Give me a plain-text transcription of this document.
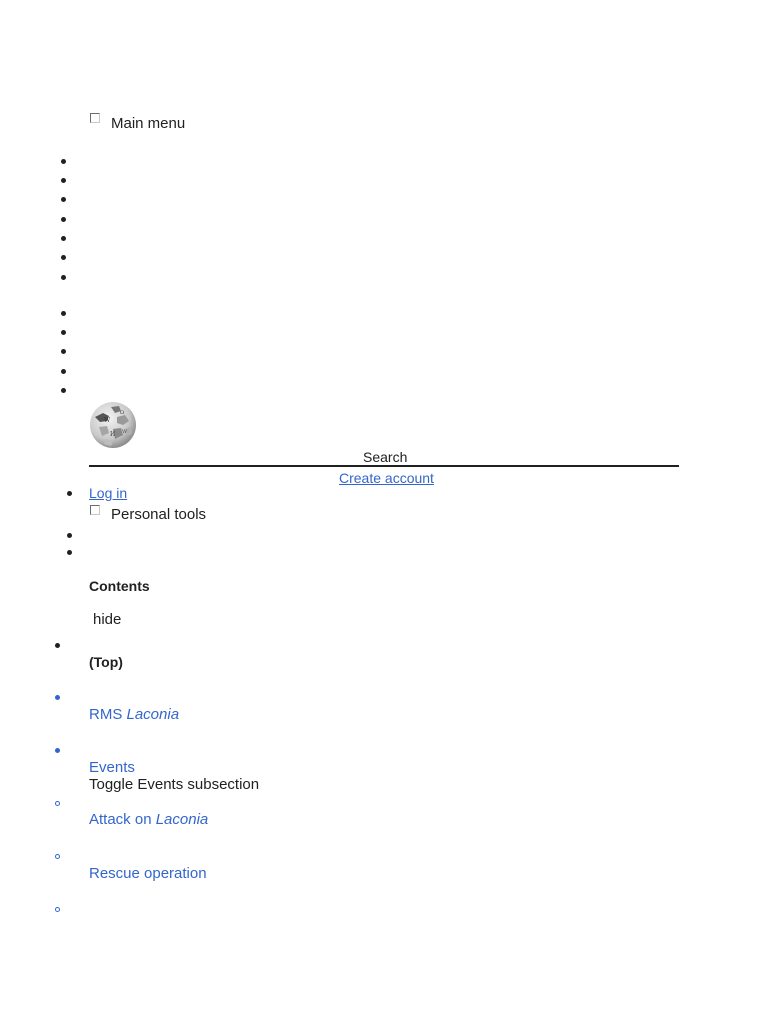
Main menu
W
Ω
И W
Search
Create account
Log in
Personal tools
Contents
hide
(Top)
RMS Laconia
Events
Toggle Events subsection
Attack on Laconia
Rescue operation
